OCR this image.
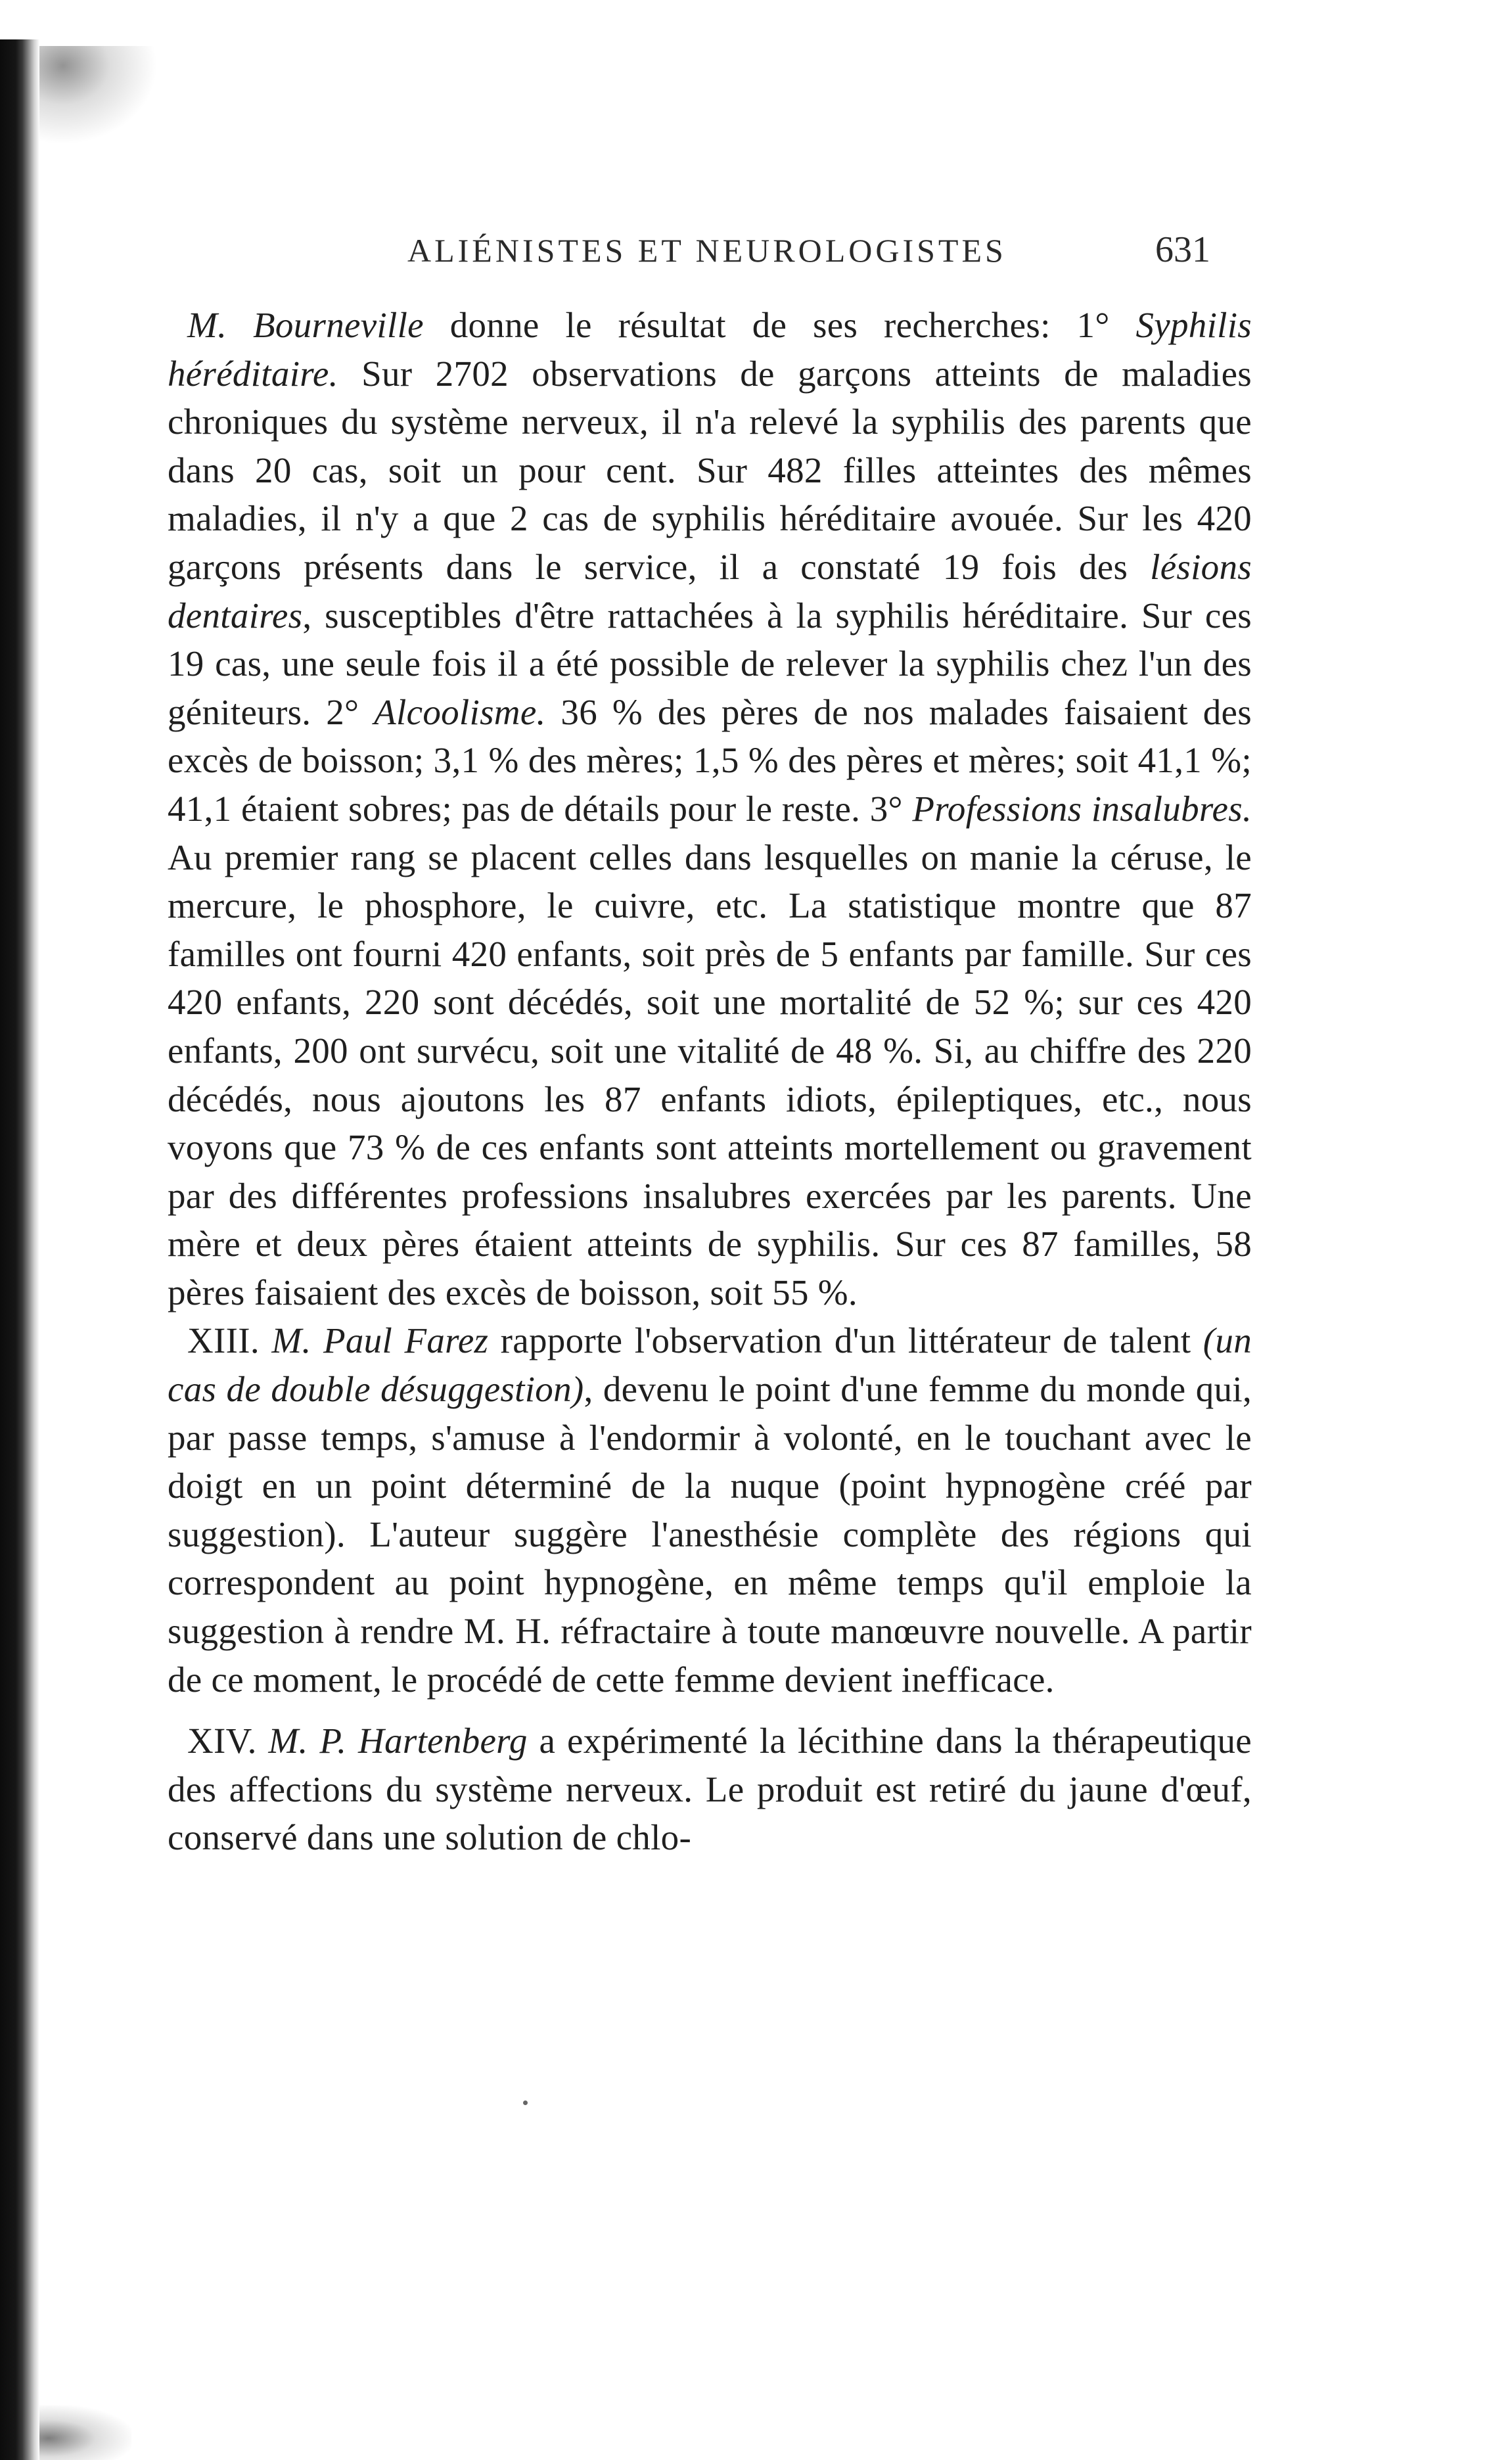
ALIÉNISTES ET NEUROLOGISTES	631

M. Bourneville donne le résultat de ses recherches: 1° Syphilis héréditaire. Sur 2702 observations de garçons atteints de maladies chroniques du système nerveux, il n'a relevé la syphilis des parents que dans 20 cas, soit un pour cent. Sur 482 filles atteintes des mêmes maladies, il n'y a que 2 cas de syphilis héréditaire avouée. Sur les 420 garçons présents dans le service, il a constaté 19 fois des lésions dentaires, susceptibles d'être rattachées à la syphilis héréditaire. Sur ces 19 cas, une seule fois il a été possible de relever la syphilis chez l'un des géniteurs. 2° Alcoolisme. 36 % des pères de nos malades faisaient des excès de boisson; 3,1 % des mères; 1,5 % des pères et mères; soit 41,1 %; 41,1 étaient sobres; pas de détails pour le reste. 3° Professions insalubres. Au premier rang se placent celles dans lesquelles on manie la céruse, le mercure, le phosphore, le cuivre, etc. La statistique montre que 87 familles ont fourni 420 enfants, soit près de 5 enfants par famille. Sur ces 420 enfants, 220 sont décédés, soit une mortalité de 52 %; sur ces 420 enfants, 200 ont survécu, soit une vitalité de 48 %. Si, au chiffre des 220 décédés, nous ajoutons les 87 enfants idiots, épileptiques, etc., nous voyons que 73 % de ces enfants sont atteints mortellement ou gravement par des différentes professions insalubres exercées par les parents. Une mère et deux pères étaient atteints de syphilis. Sur ces 87 familles, 58 pères faisaient des excès de boisson, soit 55 %.

XIII. M. Paul Farez rapporte l'observation d'un littérateur de talent (un cas de double désuggestion), devenu le point d'une femme du monde qui, par passe temps, s'amuse à l'endormir à volonté, en le touchant avec le doigt en un point déterminé de la nuque (point hypnogène créé par suggestion). L'auteur suggère l'anesthésie complète des régions qui correspondent au point hypnogène, en même temps qu'il emploie la suggestion à rendre M. H. réfractaire à toute manœuvre nouvelle. A partir de ce moment, le procédé de cette femme devient inefficace.

XIV. M. P. Hartenberg a expérimenté la lécithine dans la thérapeutique des affections du système nerveux. Le produit est retiré du jaune d'œuf, conservé dans une solution de chlo-
